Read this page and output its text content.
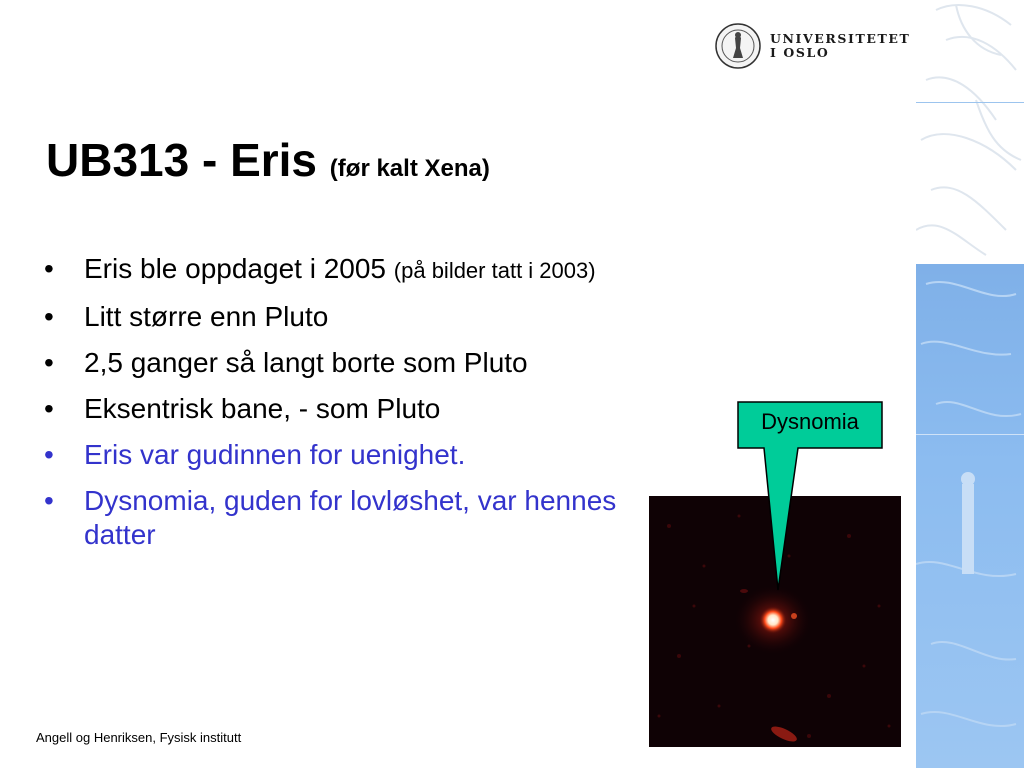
UNIVERSITETET
I OSLO
UB313 - Eris (før kalt Xena)
• Eris ble oppdaget i 2005 (på bilder tatt i 2003)
• Litt større enn Pluto
• 2,5 ganger så langt borte som Pluto
• Eksentrisk bane, - som Pluto
• Eris var gudinnen for uenighet.
• Dysnomia, guden for lovløshet, var hennes datter
Dysnomia
Angell og Henriksen, Fysisk institutt
